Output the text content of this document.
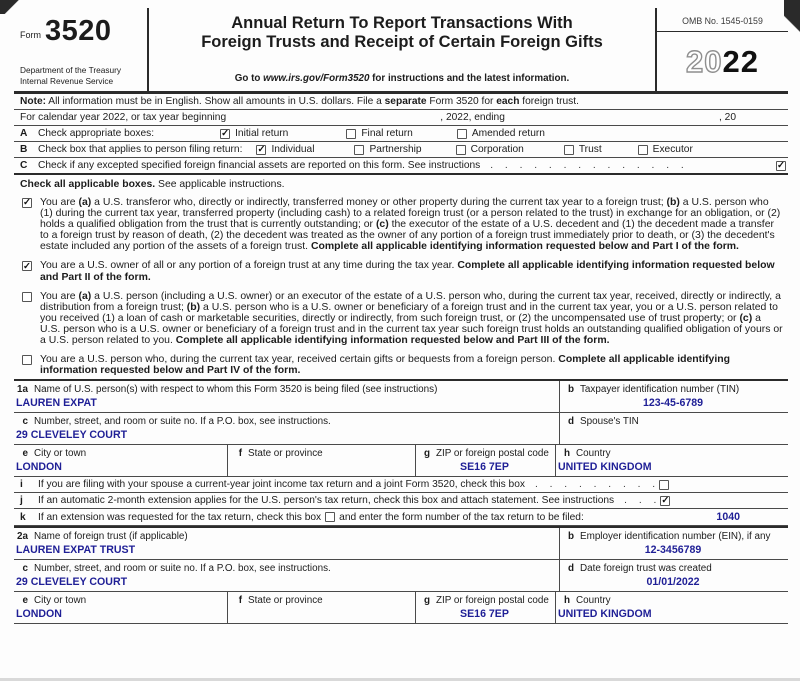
Form 3520
Department of the Treasury
Internal Revenue Service
Annual Return To Report Transactions With
Foreign Trusts and Receipt of Certain Foreign Gifts
Go to www.irs.gov/Form3520 for instructions and the latest information.
OMB No. 1545-0159
20 22
Note: All information must be in English. Show all amounts in U.S. dollars. File a separate Form 3520 for each foreign trust.
For calendar year 2022, or tax year beginning	, 2022, ending	, 20
A	Check appropriate boxes:	✓ Initial return	Final return	Amended return
B	Check box that applies to person filing return: ✓ Individual	Partnership	Corporation	Trust	Executor
C	Check if any excepted specified foreign financial assets are reported on this form. See instructions . . . . . . . . . . . . . .	✓
Check all applicable boxes. See applicable instructions.
✓ You are (a) a U.S. transferor who, directly or indirectly, transferred money or other property during the current tax year to a foreign trust; (b) a U.S. person who (1) during the current tax year, transferred property (including cash) to a related foreign trust (or a person related to the trust) in exchange for an obligation, or (2) holds a qualified obligation from the trust that is currently outstanding; or (c) the executor of the estate of a U.S. decedent and (1) the decedent made a transfer to a foreign trust by reason of death, (2) the decedent was treated as the owner of any portion of a foreign trust immediately prior to death, or (3) the decedent's estate included any portion of the assets of a foreign trust. Complete all applicable identifying information requested below and Part I of the form.
✓ You are a U.S. owner of all or any portion of a foreign trust at any time during the tax year. Complete all applicable identifying information requested below and Part II of the form.
You are (a) a U.S. person (including a U.S. owner) or an executor of the estate of a U.S. person who, during the current tax year, received, directly or indirectly, a distribution from a foreign trust; (b) a U.S. person who is a U.S. owner or beneficiary of a foreign trust and in the current tax year, you or a U.S. person related to you received (1) a loan of cash or marketable securities, directly or indirectly, from such foreign trust, or (2) the uncompensated use of trust property; or (c) a U.S. person who is a U.S. owner or beneficiary of a foreign trust and in the current tax year such foreign trust holds an outstanding qualified obligation of yours or a U.S. person related to you. Complete all applicable identifying information requested below and Part III of the form.
You are a U.S. person who, during the current tax year, received certain gifts or bequests from a foreign person. Complete all applicable identifying information requested below and Part IV of the form.
1a Name of U.S. person(s) with respect to whom this Form 3520 is being filed (see instructions)
LAUREN EXPAT
b Taxpayer identification number (TIN)
123-45-6789
c Number, street, and room or suite no. If a P.O. box, see instructions.
29 CLEVELEY COURT
d Spouse's TIN
e City or town
LONDON
f State or province	g ZIP or foreign postal code
SE16 7EP
h Country
UNITED KINGDOM
i	If you are filing with your spouse a current-year joint income tax return and a joint Form 3520, check this box . . . . . . . . .
j	If an automatic 2-month extension applies for the U.S. person's tax return, check this box and attach statement. See instructions . . . ✓
k	If an extension was requested for the tax return, check this box and enter the form number of the tax return to be filed:	1040
2a Name of foreign trust (if applicable)
LAUREN EXPAT TRUST
b Employer identification number (EIN), if any
12-3456789
c Number, street, and room or suite no. If a P.O. box, see instructions.
29 CLEVELEY COURT
d Date foreign trust was created
01/01/2022
e City or town
LONDON
f State or province	g ZIP or foreign postal code
SE16 7EP
h Country
UNITED KINGDOM
